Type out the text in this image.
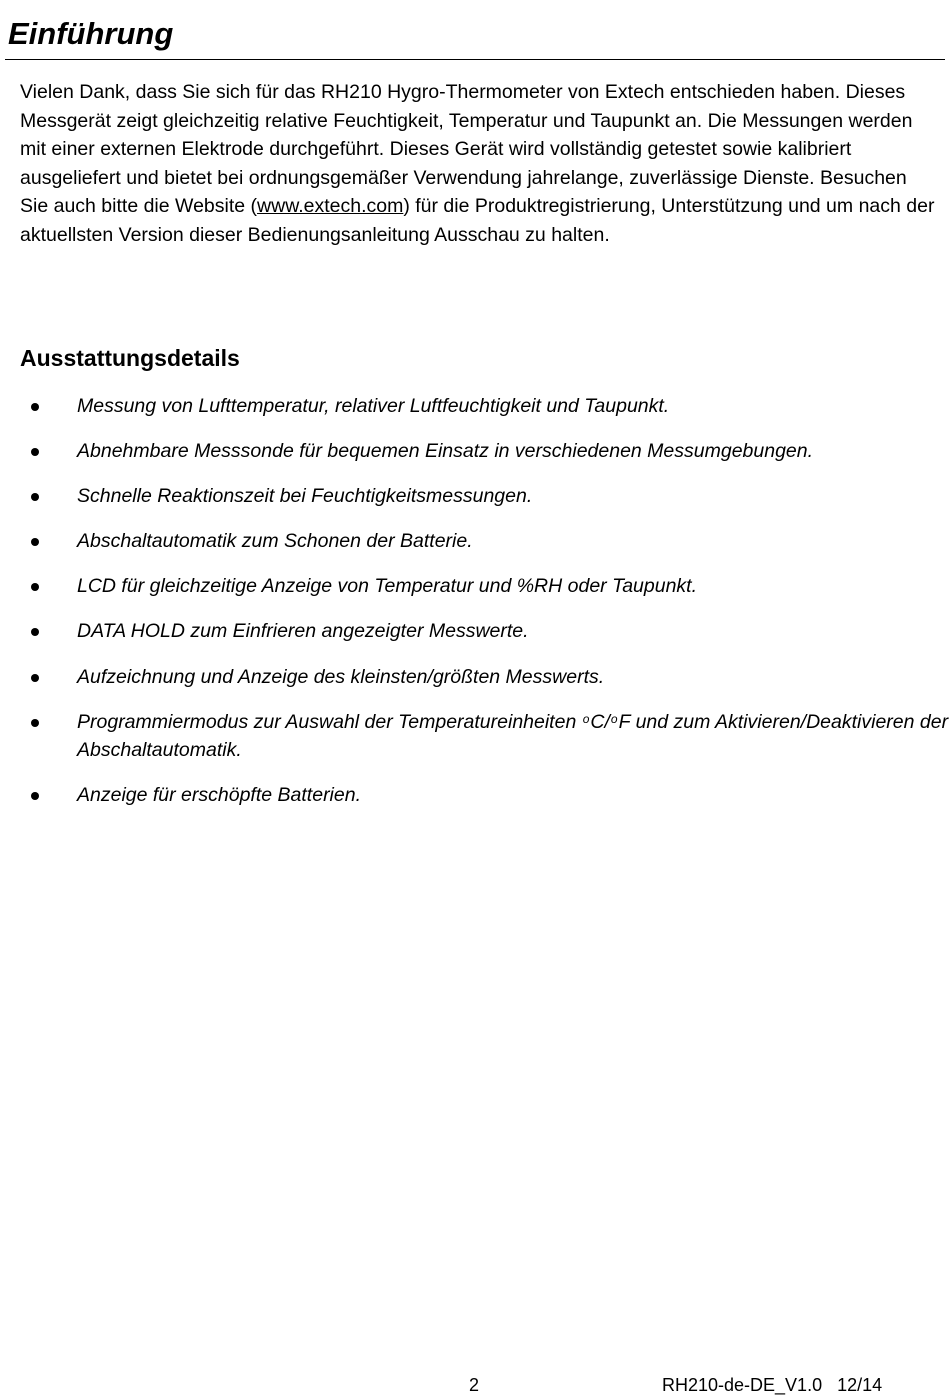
Einführung

Vielen Dank, dass Sie sich für das RH210 Hygro-Thermometer von Extech entschieden haben. Dieses Messgerät zeigt gleichzeitig relative Feuchtigkeit, Temperatur und Taupunkt an. Die Messungen werden mit einer externen Elektrode durchgeführt. Dieses Gerät wird vollständig getestet sowie kalibriert ausgeliefert und bietet bei ordnungsgemäßer Verwendung jahrelange, zuverlässige Dienste. Besuchen Sie auch bitte die Website (www.extech.com) für die Produktregistrierung, Unterstützung und um nach der aktuellsten Version dieser Bedienungsanleitung Ausschau zu halten.

Ausstattungsdetails
Messung von Lufttemperatur, relativer Luftfeuchtigkeit und Taupunkt.
Abnehmbare Messsonde für bequemen Einsatz in verschiedenen Messumgebungen.
Schnelle Reaktionszeit bei Feuchtigkeitsmessungen.
Abschaltautomatik zum Schonen der Batterie.
LCD für gleichzeitige Anzeige von Temperatur und %RH oder Taupunkt.
DATA HOLD zum Einfrieren angezeigter Messwerte.
Aufzeichnung und Anzeige des kleinsten/größten Messwerts.
Programmiermodus zur Auswahl der Temperatureinheiten $^o$C/$^o$F und zum Aktivieren/Deaktivieren der Abschaltautomatik.
Anzeige für erschöpfte Batterien.
2	RH210-de-DE_V1.0   12/14
